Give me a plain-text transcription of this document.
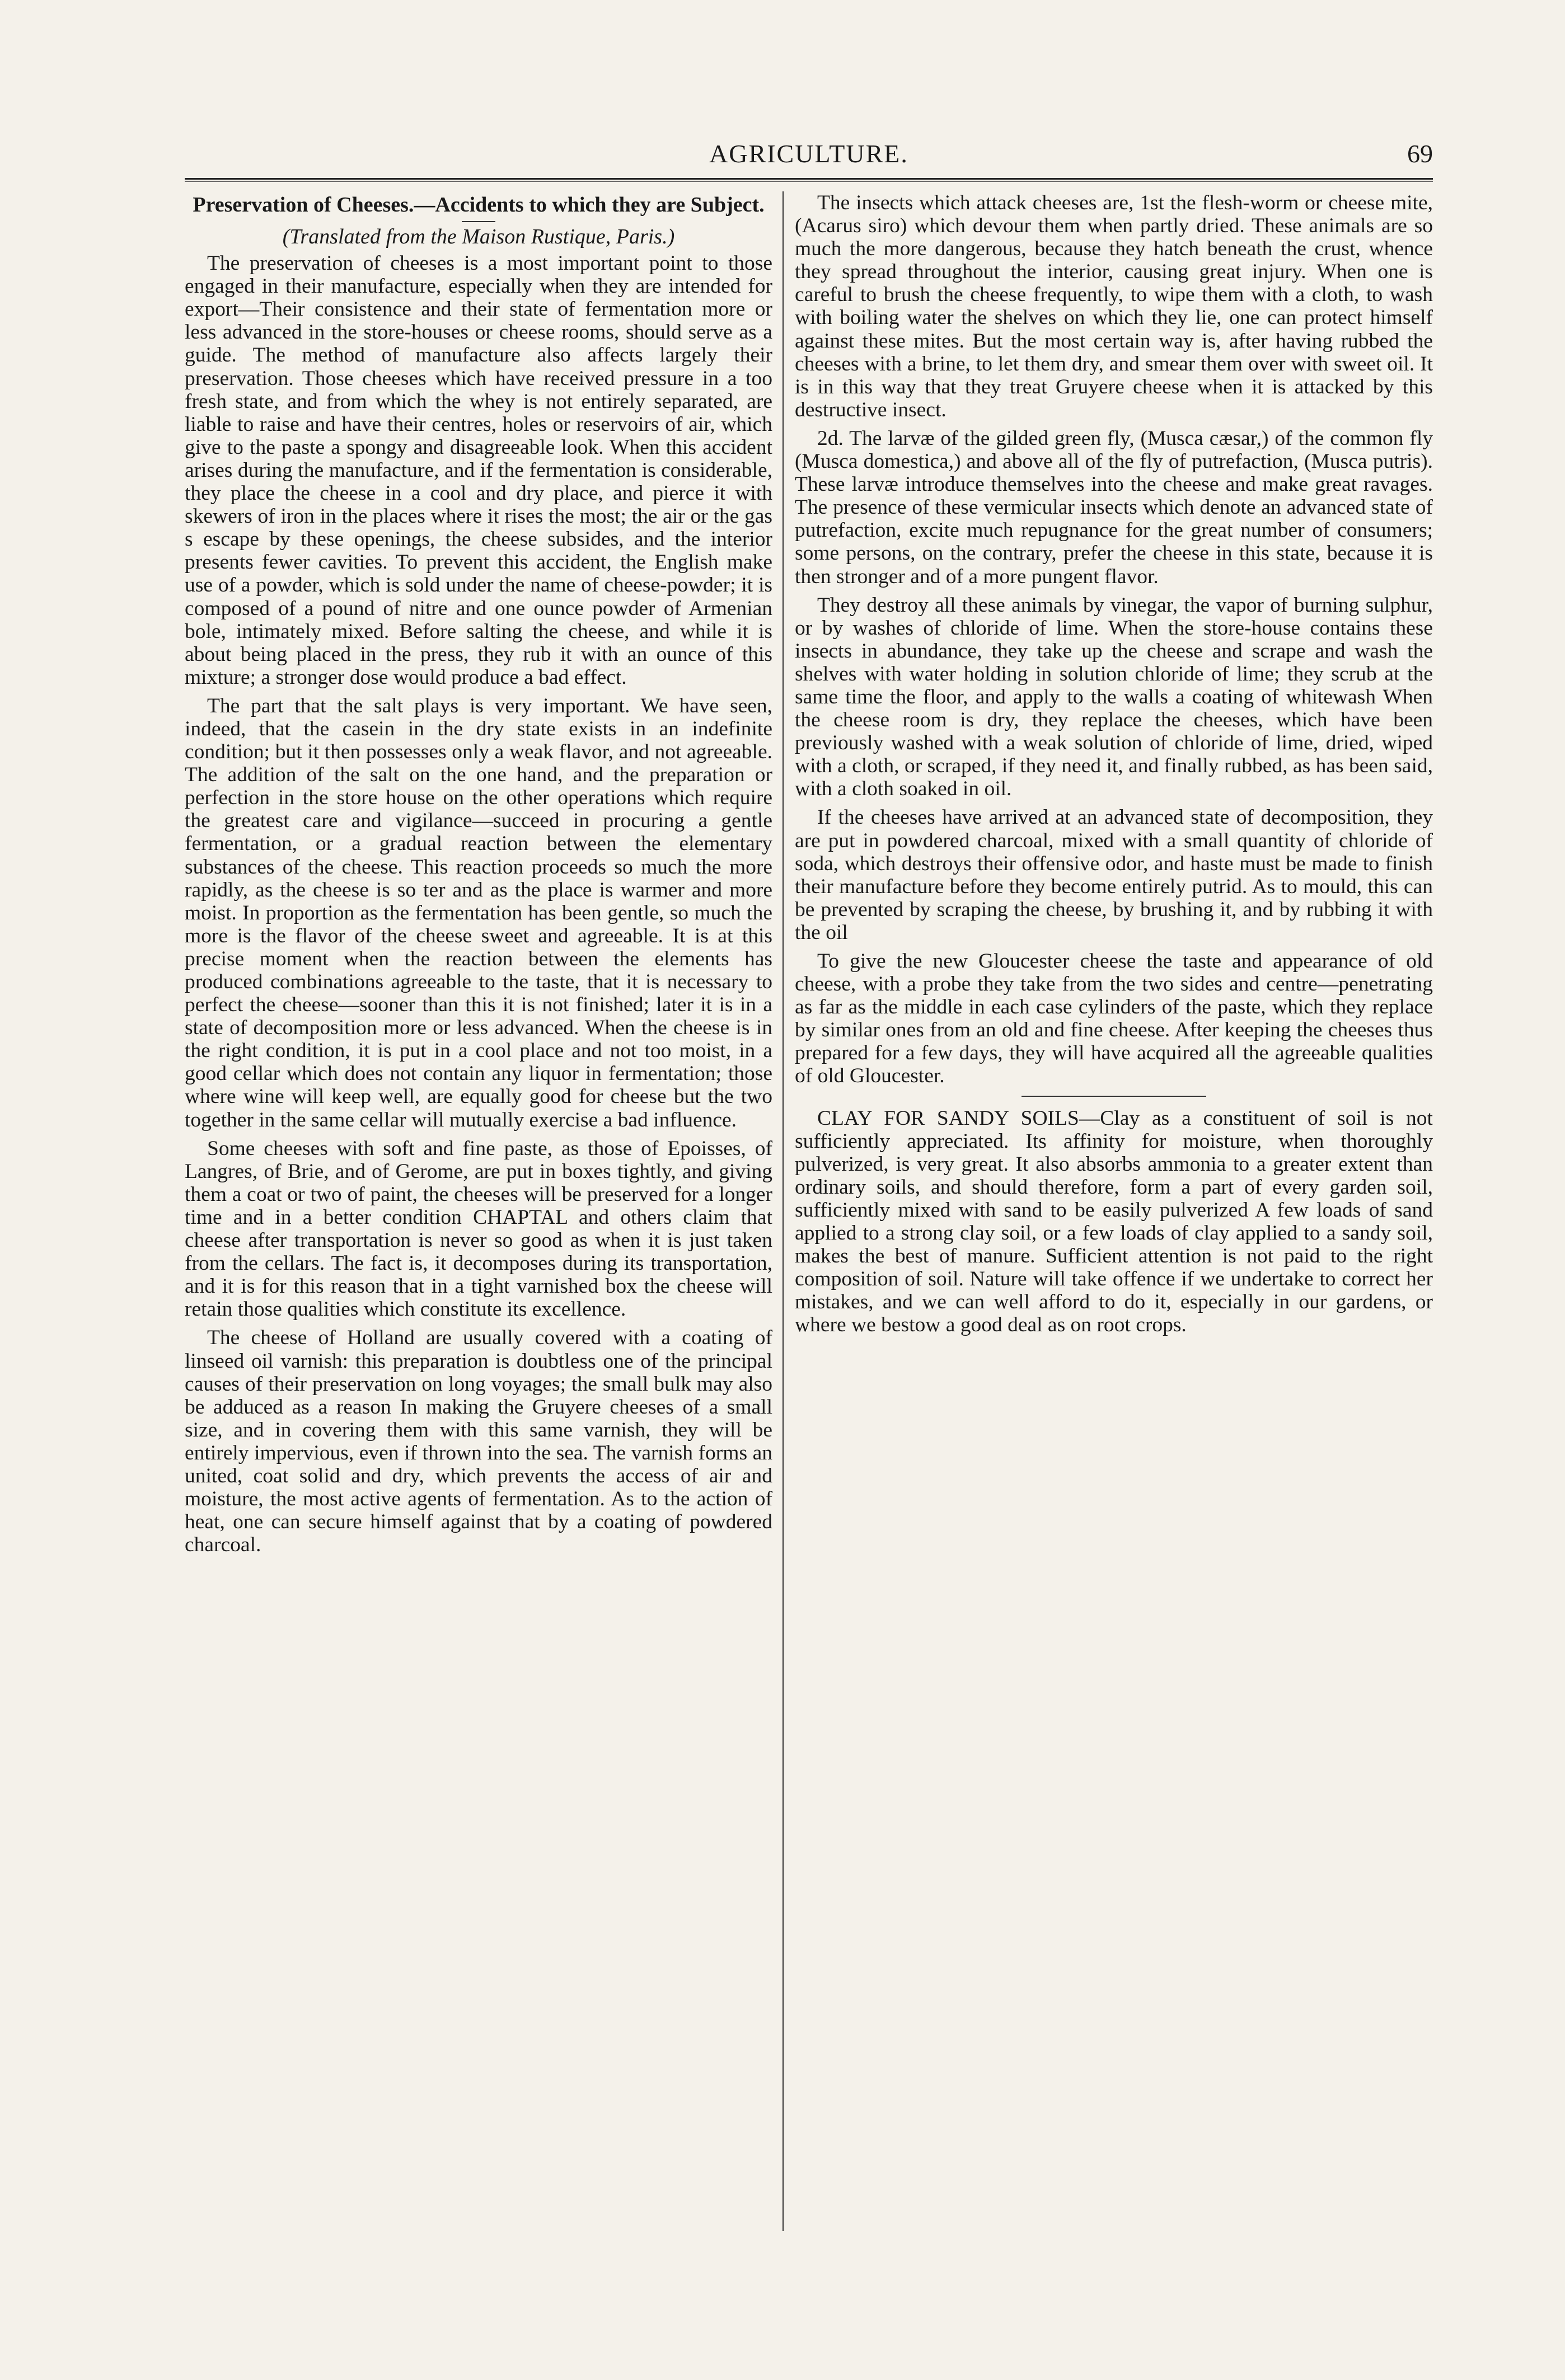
AGRICULTURE.	69
Preservation of Cheeses.—Accidents to which they are Subject.
(Translated from the Maison Rustique, Paris.)

The preservation of cheeses is a most important point to those engaged in their manufacture, especially when they are intended for export—Their consistence and their state of fermentation more or less advanced in the store-houses or cheese rooms, should serve as a guide. The method of manufacture also affects largely their preservation. Those cheeses which have received pressure in a too fresh state, and from which the whey is not entirely separated, are liable to raise and have their centres, holes or reservoirs of air, which give to the paste a spongy and disagreeable look. When this accident arises during the manufacture, and if the fermentation is considerable, they place the cheese in a cool and dry place, and pierce it with skewers of iron in the places where it rises the most; the air or the gas s escape by these openings, the cheese subsides, and the interior presents fewer cavities. To prevent this accident, the English make use of a powder, which is sold under the name of cheese-powder; it is composed of a pound of nitre and one ounce powder of Armenian bole, intimately mixed. Before salting the cheese, and while it is about being placed in the press, they rub it with an ounce of this mixture; a stronger dose would produce a bad effect.

The part that the salt plays is very important. We have seen, indeed, that the casein in the dry state exists in an indefinite condition; but it then possesses only a weak flavor, and not agreeable. The addition of the salt on the one hand, and the preparation or perfection in the store house on the other operations which require the greatest care and vigilance—succeed in procuring a gentle fermentation, or a gradual reaction between the elementary substances of the cheese. This reaction proceeds so much the more rapidly, as the cheese is so ter and as the place is warmer and more moist. In proportion as the fermentation has been gentle, so much the more is the flavor of the cheese sweet and agreeable. It is at this precise moment when the reaction between the elements has produced combinations agreeable to the taste, that it is necessary to perfect the cheese—sooner than this it is not finished; later it is in a state of decomposition more or less advanced. When the cheese is in the right condition, it is put in a cool place and not too moist, in a good cellar which does not contain any liquor in fermentation; those where wine will keep well, are equally good for cheese but the two together in the same cellar will mutually exercise a bad influence.

Some cheeses with soft and fine paste, as those of Epoisses, of Langres, of Brie, and of Gerome, are put in boxes tightly, and giving them a coat or two of paint, the cheeses will be preserved for a longer time and in a better condition CHAPTAL and others claim that cheese after transportation is never so good as when it is just taken from the cellars. The fact is, it decomposes during its transportation, and it is for this reason that in a tight varnished box the cheese will retain those qualities which constitute its excellence.

The cheese of Holland are usually covered with a coating of linseed oil varnish: this preparation is doubtless one of the principal causes of their preservation on long voyages; the small bulk may also be adduced as a reason In making the Gruyere cheeses of a small size, and in covering them with this same varnish, they will be entirely impervious, even if thrown into the sea. The varnish forms an united, coat solid and dry, which prevents the access of air and moisture, the most active agents of fermentation. As to the action of heat, one can secure himself against that by a coating of powdered charcoal.

The insects which attack cheeses are, 1st the flesh-worm or cheese mite, (Acarus siro) which devour them when partly dried. These animals are so much the more dangerous, because they hatch beneath the crust, whence they spread throughout the interior, causing great injury. When one is careful to brush the cheese frequently, to wipe them with a cloth, to wash with boiling water the shelves on which they lie, one can protect himself against these mites. But the most certain way is, after having rubbed the cheeses with a brine, to let them dry, and smear them over with sweet oil. It is in this way that they treat Gruyere cheese when it is attacked by this destructive insect.

2d. The larvæ of the gilded green fly, (Musca cæsar,) of the common fly (Musca domestica,) and above all of the fly of putrefaction, (Musca putris). These larvæ introduce themselves into the cheese and make great ravages. The presence of these vermicular insects which denote an advanced state of putrefaction, excite much repugnance for the great number of consumers; some persons, on the contrary, prefer the cheese in this state, because it is then stronger and of a more pungent flavor.

They destroy all these animals by vinegar, the vapor of burning sulphur, or by washes of chloride of lime. When the store-house contains these insects in abundance, they take up the cheese and scrape and wash the shelves with water holding in solution chloride of lime; they scrub at the same time the floor, and apply to the walls a coating of whitewash When the cheese room is dry, they replace the cheeses, which have been previously washed with a weak solution of chloride of lime, dried, wiped with a cloth, or scraped, if they need it, and finally rubbed, as has been said, with a cloth soaked in oil.

If the cheeses have arrived at an advanced state of decomposition, they are put in powdered charcoal, mixed with a small quantity of chloride of soda, which destroys their offensive odor, and haste must be made to finish their manufacture before they become entirely putrid. As to mould, this can be prevented by scraping the cheese, by brushing it, and by rubbing it with the oil

To give the new Gloucester cheese the taste and appearance of old cheese, with a probe they take from the two sides and centre—penetrating as far as the middle in each case cylinders of the paste, which they replace by similar ones from an old and fine cheese. After keeping the cheeses thus prepared for a few days, they will have acquired all the agreeable qualities of old Gloucester.

CLAY FOR SANDY SOILS—Clay as a constituent of soil is not sufficiently appreciated. Its affinity for moisture, when thoroughly pulverized, is very great. It also absorbs ammonia to a greater extent than ordinary soils, and should therefore, form a part of every garden soil, sufficiently mixed with sand to be easily pulverized A few loads of sand applied to a strong clay soil, or a few loads of clay applied to a sandy soil, makes the best of manure. Sufficient attention is not paid to the right composition of soil. Nature will take offence if we undertake to correct her mistakes, and we can well afford to do it, especially in our gardens, or where we bestow a good deal as on root crops.
